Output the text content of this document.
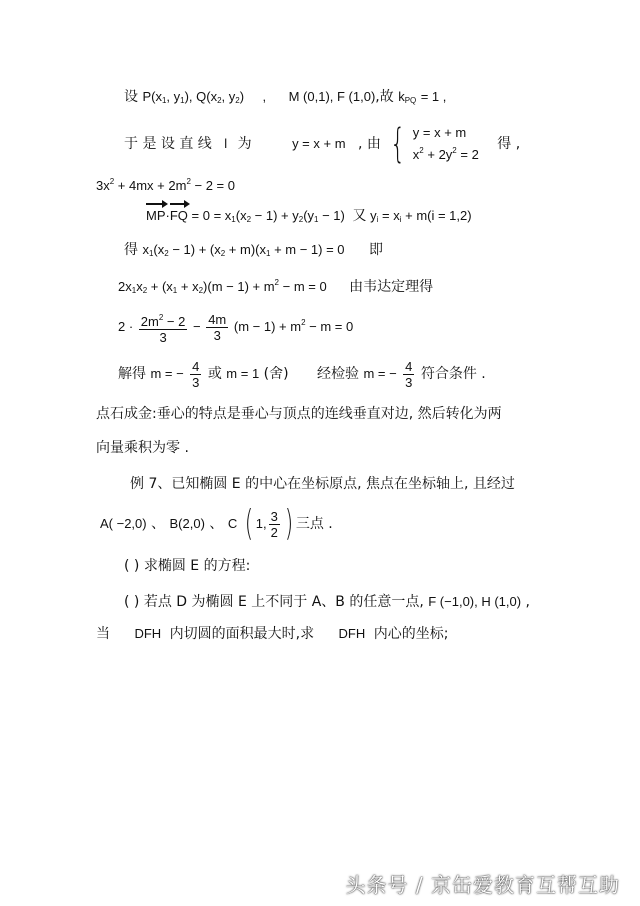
设 $P(x_1$, $y_1$), $Q(x_2$, $y_2$) , M (0,1), F (1,0),故 $k_{PQ} = 1$ ,
于 是 设 直 线 l 为	y = x + m , 由 { y = x + m
$x^2 + 2y^2 = 2$
得 ,
$3x^2 + 4mx + 2m^2 - 2 = 0$
$MP\cdot FQ = 0 = x_1(x_2 - 1) + y_2(y_1 - 1)$ 又 $y_i = x_i + m(i = 1,2)$
得 $x_1(x_2 - 1) + (x_2 + m)(x_1 + m - 1) = 0$ 即
$2x_1x_2 + (x_1 + x_2)(m - 1) + m^2 - m = 0$ 由韦达定理得
$2 \cdot \frac{2m^2 - 2}{3} - \frac{4m}{3} (m - 1) + m^2 - m = 0$
解得 m = − $\frac{4}{3}$ 或 m = 1 (舍) 经检验 m = − $\frac{4}{3}$ 符合条件 .
点石成金:垂心的特点是垂心与顶点的连线垂直对边, 然后转化为两
向量乘积为零 .
例 7、已知椭圆 E 的中心在坐标原点, 焦点在坐标轴上, 且经过
A( −2,0) 、 B(2,0) 、 C ( 1, $\frac{3}{2}$ ) 三点 .
( ) 求椭圆 E 的方程:
( ) 若点 D 为椭圆 E 上不同于 A、B 的任意一点, F (−1,0), H (1,0) ,
当 DFH 内切圆的面积最大时,求 DFH 内心的坐标;
头条号 / 京缶爱教育互帮互助
